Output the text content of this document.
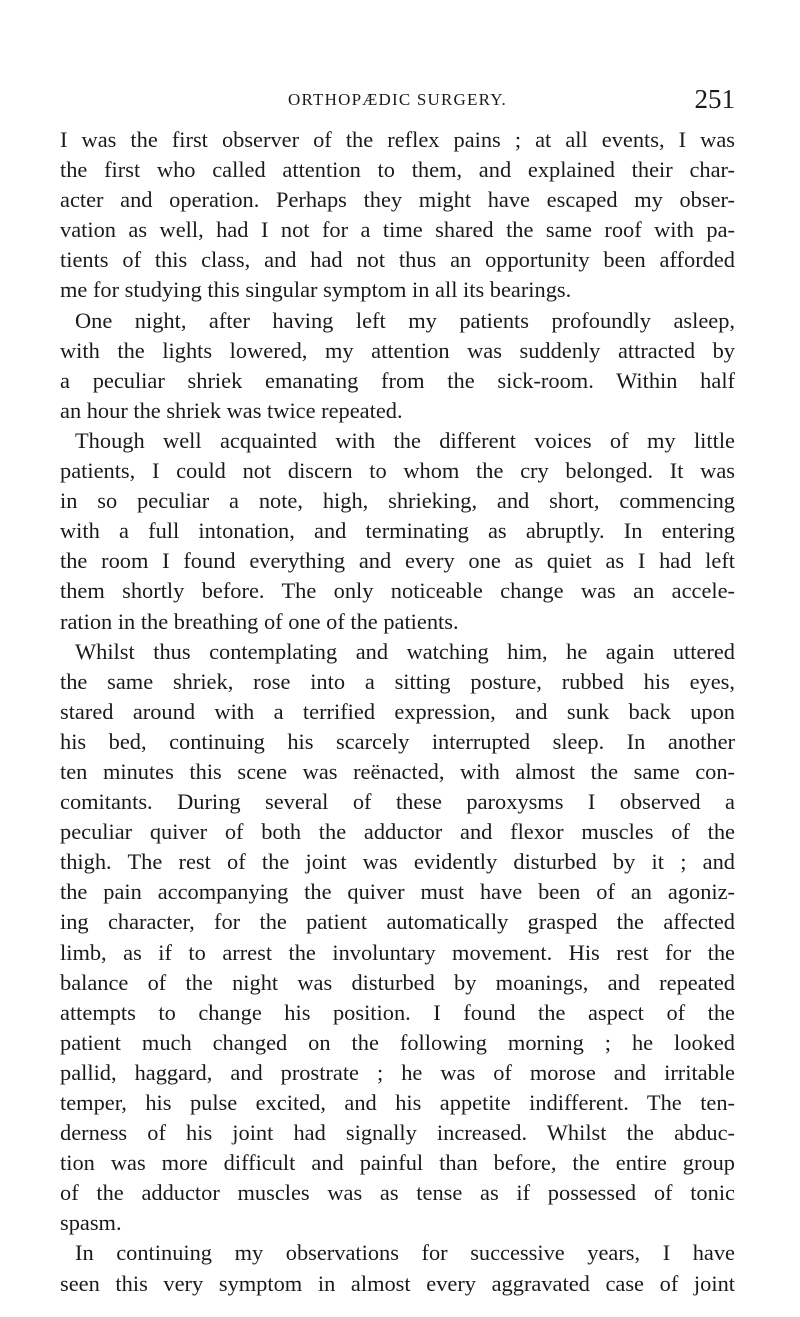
ORTHOPÆDIC SURGERY.	251
I was the first observer of the reflex pains ; at all events, I was
the first who called attention to them, and explained their char-
acter and operation. Perhaps they might have escaped my obser-
vation as well, had I not for a time shared the same roof with pa-
tients of this class, and had not thus an opportunity been afforded
me for studying this singular symptom in all its bearings.
One night, after having left my patients profoundly asleep,
with the lights lowered, my attention was suddenly attracted by
a peculiar shriek emanating from the sick-room. Within half
an hour the shriek was twice repeated.
Though well acquainted with the different voices of my little
patients, I could not discern to whom the cry belonged. It was
in so peculiar a note, high, shrieking, and short, commencing
with a full intonation, and terminating as abruptly. In entering
the room I found everything and every one as quiet as I had left
them shortly before. The only noticeable change was an accele-
ration in the breathing of one of the patients.
Whilst thus contemplating and watching him, he again uttered
the same shriek, rose into a sitting posture, rubbed his eyes,
stared around with a terrified expression, and sunk back upon
his bed, continuing his scarcely interrupted sleep. In another
ten minutes this scene was reënacted, with almost the same con-
comitants. During several of these paroxysms I observed a
peculiar quiver of both the adductor and flexor muscles of the
thigh. The rest of the joint was evidently disturbed by it ; and
the pain accompanying the quiver must have been of an agoniz-
ing character, for the patient automatically grasped the affected
limb, as if to arrest the involuntary movement. His rest for the
balance of the night was disturbed by moanings, and repeated
attempts to change his position. I found the aspect of the
patient much changed on the following morning ; he looked
pallid, haggard, and prostrate ; he was of morose and irritable
temper, his pulse excited, and his appetite indifferent. The ten-
derness of his joint had signally increased. Whilst the abduc-
tion was more difficult and painful than before, the entire group
of the adductor muscles was as tense as if possessed of tonic
spasm.
In continuing my observations for successive years, I have
seen this very symptom in almost every aggravated case of joint
